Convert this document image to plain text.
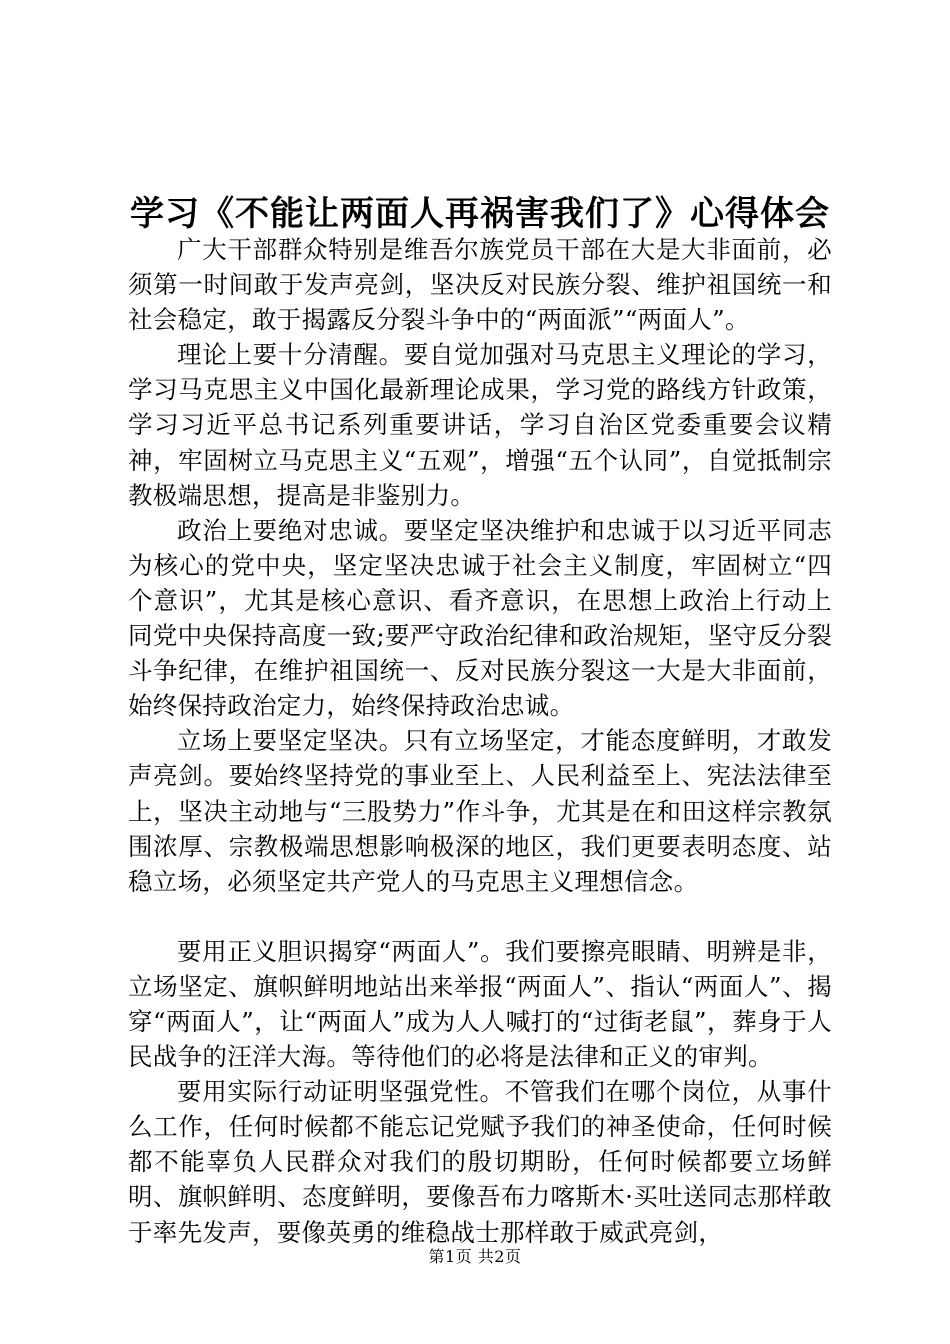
学习《不能让两面人再祸害我们了》心得体会

广大干部群众特别是维吾尔族党员干部在大是大非面前，必须第一时间敢于发声亮剑，坚决反对民族分裂、维护祖国统一和社会稳定，敢于揭露反分裂斗争中的“两面派”“两面人”。

理论上要十分清醒。要自觉加强对马克思主义理论的学习，学习马克思主义中国化最新理论成果，学习党的路线方针政策，学习习近平总书记系列重要讲话，学习自治区党委重要会议精神，牢固树立马克思主义“五观”，增强“五个认同”，自觉抵制宗教极端思想，提高是非鉴别力。

政治上要绝对忠诚。要坚定坚决维护和忠诚于以习近平同志为核心的党中央，坚定坚决忠诚于社会主义制度，牢固树立“四个意识”，尤其是核心意识、看齐意识，在思想上政治上行动上同党中央保持高度一致;要严守政治纪律和政治规矩，坚守反分裂斗争纪律，在维护祖国统一、反对民族分裂这一大是大非面前，始终保持政治定力，始终保持政治忠诚。

立场上要坚定坚决。只有立场坚定，才能态度鲜明，才敢发声亮剑。要始终坚持党的事业至上、人民利益至上、宪法法律至上，坚决主动地与“三股势力”作斗争，尤其是在和田这样宗教氛围浓厚、宗教极端思想影响极深的地区，我们更要表明态度、站稳立场，必须坚定共产党人的马克思主义理想信念。

要用正义胆识揭穿“两面人”。我们要擦亮眼睛、明辨是非，立场坚定、旗帜鲜明地站出来举报“两面人”、指认“两面人”、揭穿“两面人”，让“两面人”成为人人喊打的“过街老鼠”，葬身于人民战争的汪洋大海。等待他们的必将是法律和正义的审判。

要用实际行动证明坚强党性。不管我们在哪个岗位，从事什么工作，任何时候都不能忘记党赋予我们的神圣使命，任何时候都不能辜负人民群众对我们的殷切期盼，任何时候都要立场鲜明、旗帜鲜明、态度鲜明，要像吾布力喀斯木·买吐送同志那样敢于率先发声，要像英勇的维稳战士那样敢于威武亮剑，

第1页 共2页
